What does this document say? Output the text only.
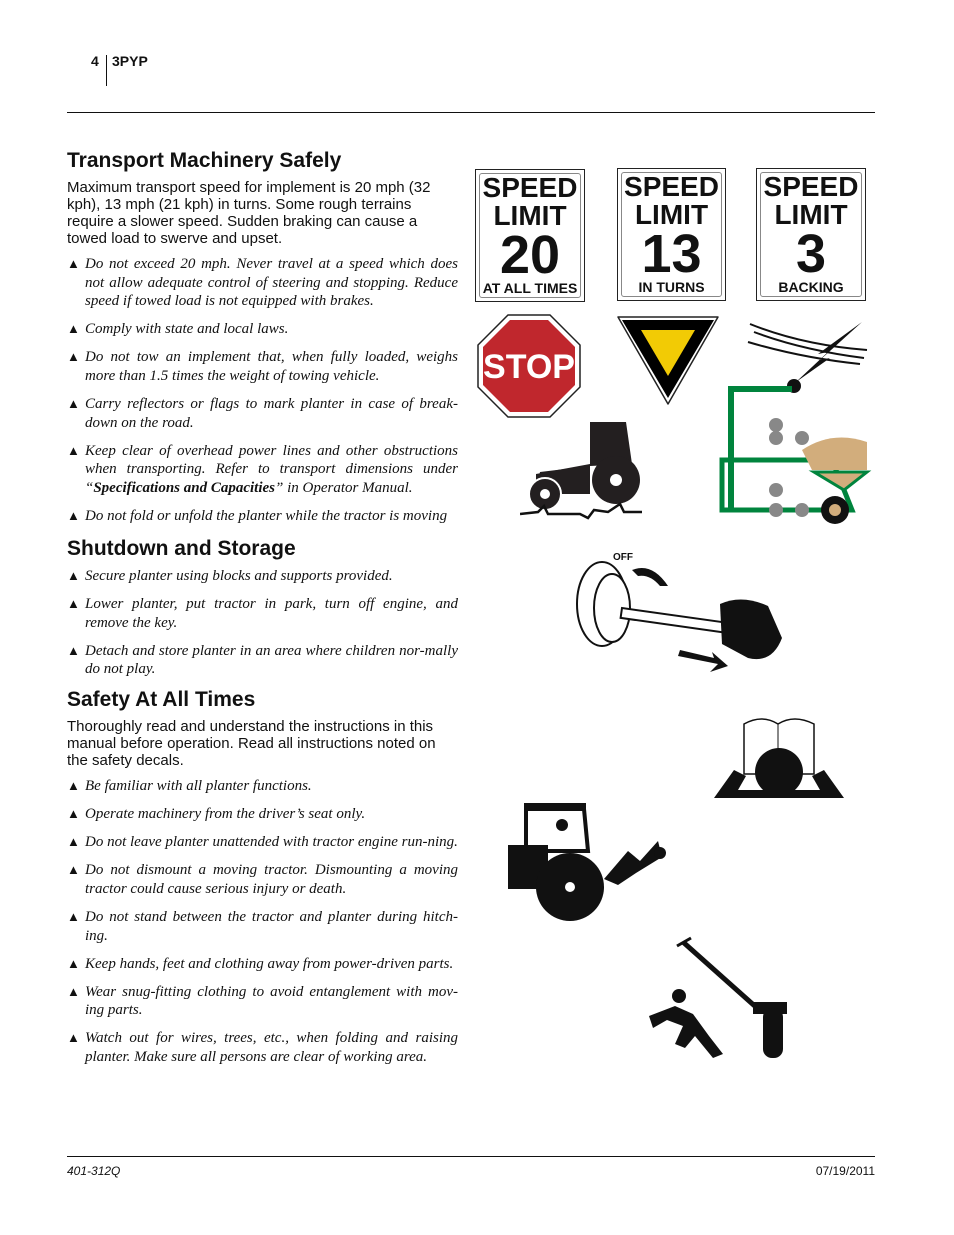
4 3PYP
Transport Machinery Safely

Maximum transport speed for implement is 20 mph (32 kph), 13 mph (21 kph) in turns. Some rough terrains require a slower speed. Sudden braking can cause a towed load to swerve and upset.

▲ Do not exceed 20 mph. Never travel at a speed which does not allow adequate control of steering and stopping. Reduce speed if towed load is not equipped with brakes.
▲ Comply with state and local laws.
▲ Do not tow an implement that, when fully loaded, weighs more than 1.5 times the weight of towing vehicle.
▲ Carry reflectors or flags to mark planter in case of break-down on the road.
▲ Keep clear of overhead power lines and other obstructions when transporting. Refer to transport dimensions under “Specifications and Capacities” in Operator Manual.
▲ Do not fold or unfold the planter while the tractor is moving
Shutdown and Storage
▲ Secure planter using blocks and supports provided.
▲ Lower planter, put tractor in park, turn off engine, and remove the key.
▲ Detach and store planter in an area where children nor-mally do not play.
Safety At All Times

Thoroughly read and understand the instructions in this manual before operation. Read all instructions noted on the safety decals.

▲ Be familiar with all planter functions.
▲ Operate machinery from the driver’s seat only.
▲ Do not leave planter unattended with tractor engine run-ning.
▲ Do not dismount a moving tractor. Dismounting a moving tractor could cause serious injury or death.
▲ Do not stand between the tractor and planter during hitch-ing.
▲ Keep hands, feet and clothing away from power-driven parts.
▲ Wear snug-fitting clothing to avoid entanglement with mov-ing parts.
▲ Watch out for wires, trees, etc., when folding and raising planter. Make sure all persons are clear of working area.
SPEED
LIMIT
20
AT ALL TIMES
SPEED
LIMIT
13
IN TURNS
SPEED
LIMIT
3
BACKING
STOP
OFF
401-312Q	07/19/2011
